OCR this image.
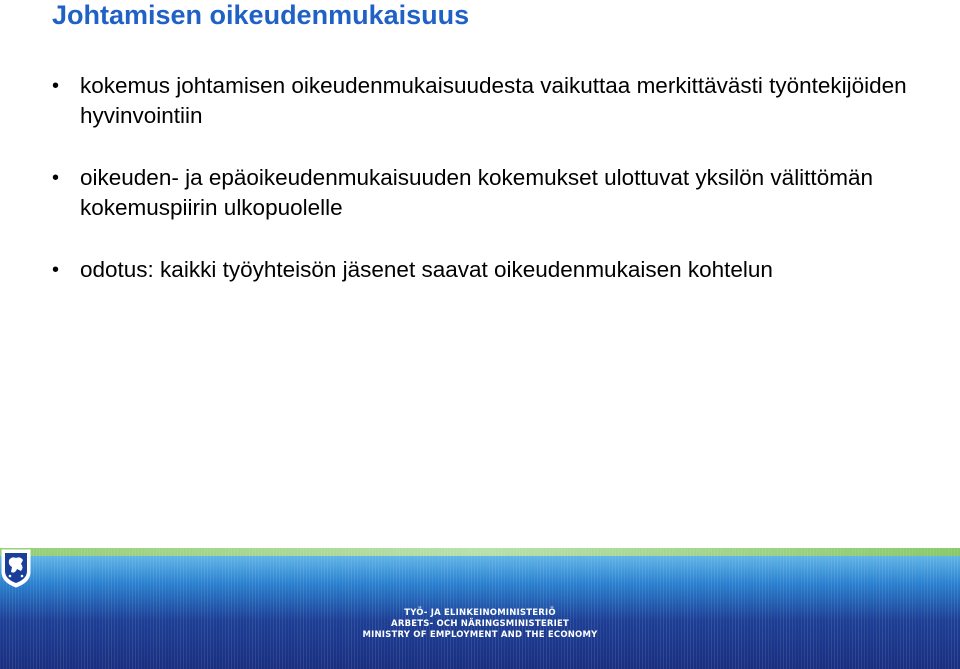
Johtamisen oikeudenmukaisuus
• kokemus johtamisen oikeudenmukaisuudesta vaikuttaa merkittävästi työntekijöiden hyvinvointiin
• oikeuden- ja epäoikeudenmukaisuuden kokemukset ulottuvat yksilön välittömän kokemuspiirin ulkopuolelle
• odotus: kaikki työyhteisön jäsenet saavat oikeudenmukaisen kohtelun
TYÖ- JA ELINKEINOMINISTERIÖ
ARBETS- OCH NÄRINGSMINISTERIET
MINISTRY OF EMPLOYMENT AND THE ECONOMY
